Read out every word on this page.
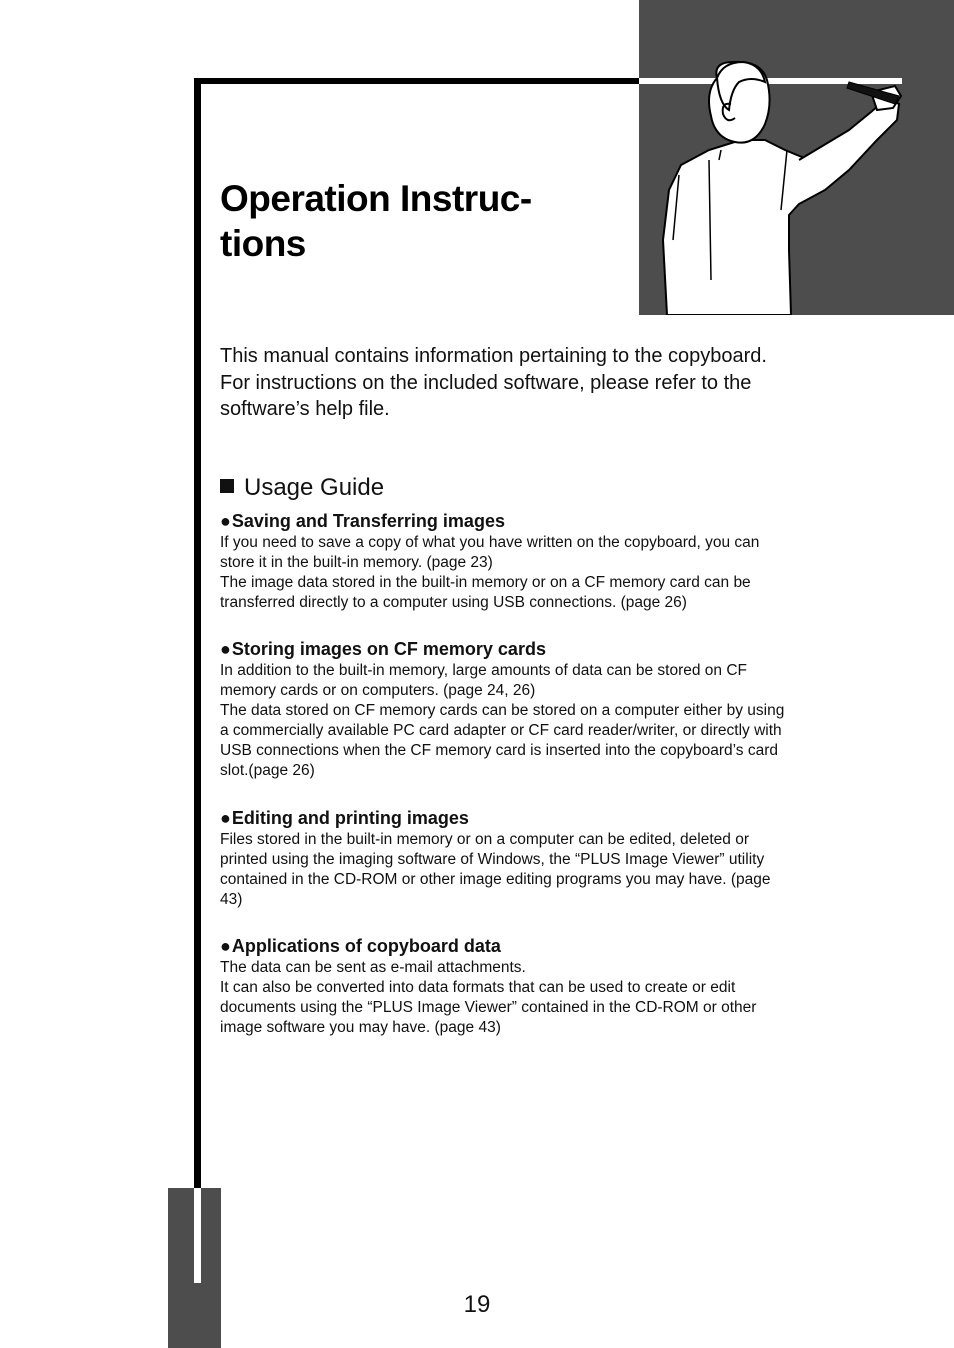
Operation Instruc-
tions

This manual contains information pertaining to the copyboard.

For instructions on the included software, please refer to the software’s help file.

Usage Guide
●Saving and Transferring images

If you need to save a copy of what you have written on the copyboard, you can store it in the built-in memory. (page 23)

The image data stored in the built-in memory or on a CF memory card can be transferred directly to a computer using USB connections. (page 26)

●Storing images on CF memory cards

In addition to the built-in memory, large amounts of data can be stored on CF memory cards or on computers. (page 24, 26)

The data stored on CF memory cards can be stored on a computer either by using a commercially available PC card adapter or CF card reader/writer, or directly with USB connections when the CF memory card is inserted into the copyboard’s card slot.(page 26)

●Editing and printing images

Files stored in the built-in memory or on a computer can be edited, deleted or printed using the imaging software of Windows, the “PLUS Image Viewer” utility contained in the CD-ROM or other image editing programs you may have. (page 43)

●Applications of copyboard data

The data can be sent as e-mail attachments.

It can also be converted into data formats that can be used to create or edit documents using the “PLUS Image Viewer” contained in the CD-ROM or other image software you may have. (page 43)

19
